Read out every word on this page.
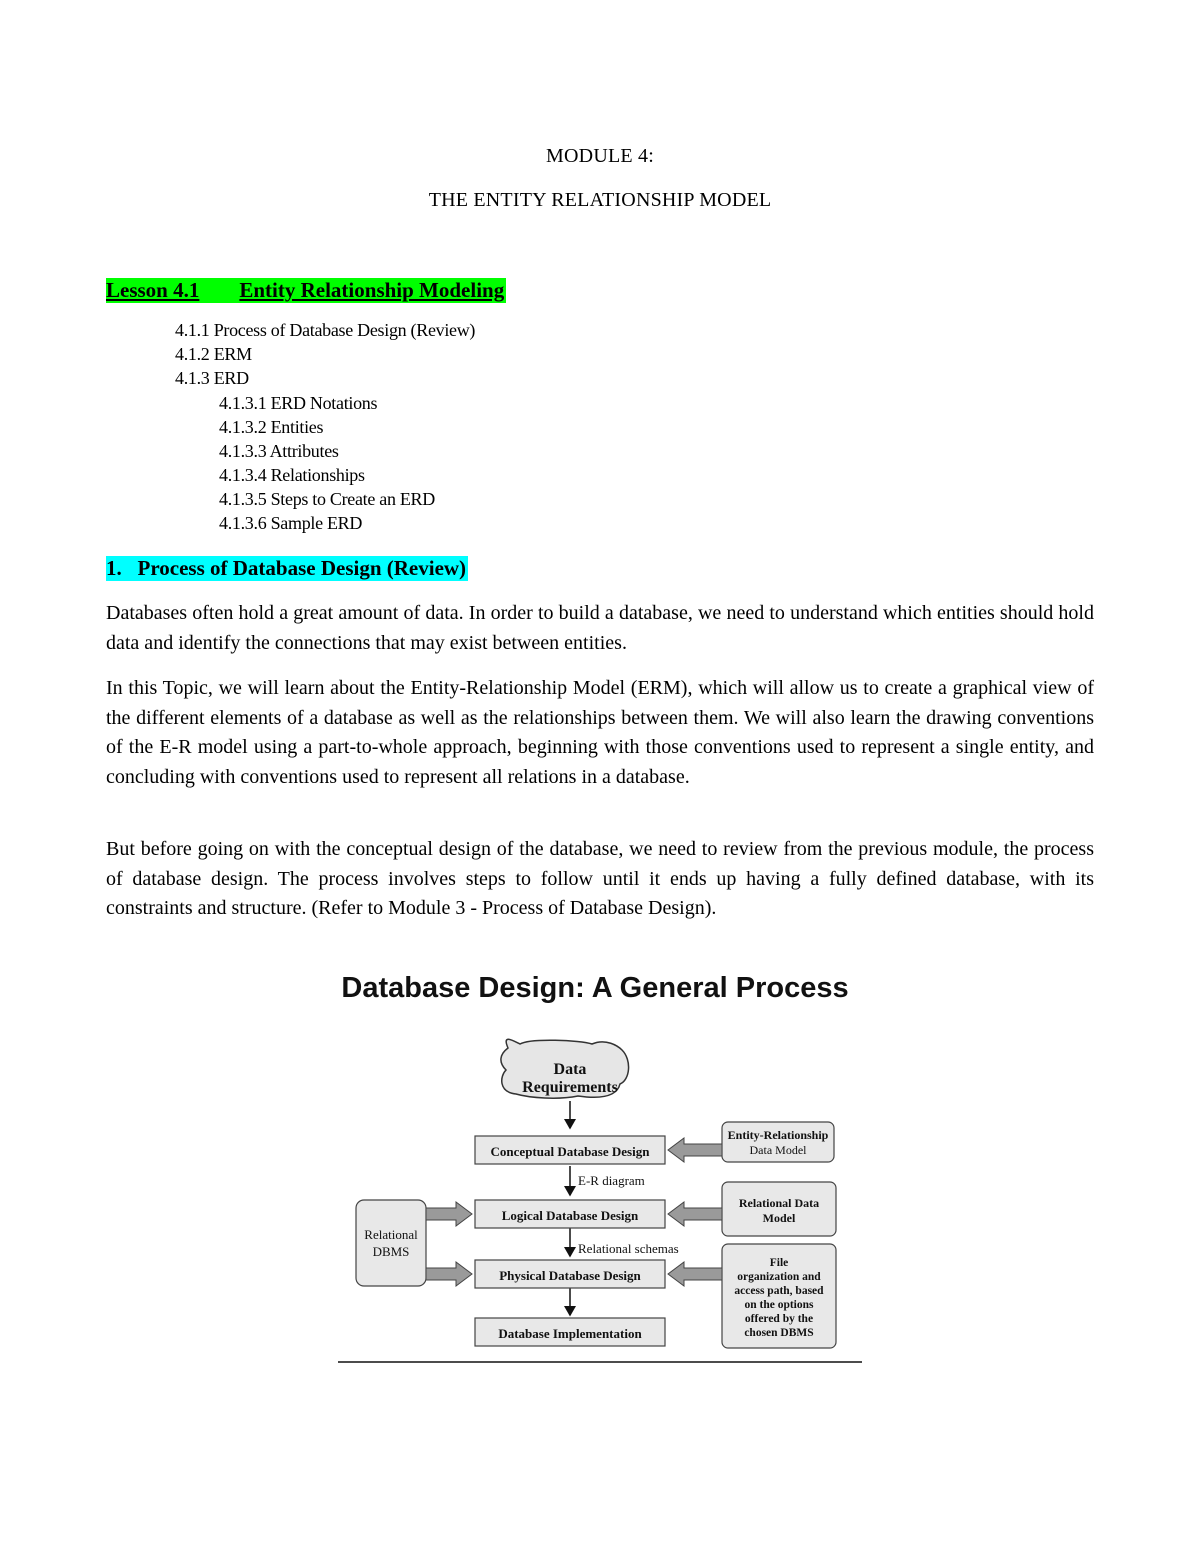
MODULE 4:
THE ENTITY RELATIONSHIP MODEL
Lesson 4.1 Entity Relationship Modeling
4.1.1 Process of Database Design (Review)
4.1.2 ERM
4.1.3 ERD
4.1.3.1 ERD Notations
4.1.3.2 Entities
4.1.3.3 Attributes
4.1.3.4 Relationships
4.1.3.5 Steps to Create an ERD
4.1.3.6 Sample ERD
1.   Process of Database Design (Review)

Databases often hold a great amount of data. In order to build a database, we need to understand which entities should hold data and identify the connections that may exist between entities.

In this Topic, we will learn about the Entity-Relationship Model (ERM), which will allow us to create a graphical view of the different elements of a database as well as the relationships between them. We will also learn the drawing conventions of the E-R model using a part-to-whole approach, beginning with those conventions used to represent a single entity, and concluding with conventions used to represent all relations in a database.

But before going on with the conceptual design of the database, we need to review from the previous module, the process of database design. The process involves steps to follow until it ends up having a fully defined database, with its constraints and structure. (Refer to Module 3 - Process of Database Design).

Database Design: A General Process
Data
Requirements
Conceptual Database Design
Logical Database Design
Physical Database Design
Database Implementation
E-R diagram
Relational schemas
Entity-Relationship
Data Model
Relational Data
Model
File
organization and
access path, based
on the options
offered by the
chosen DBMS
Relational
DBMS
